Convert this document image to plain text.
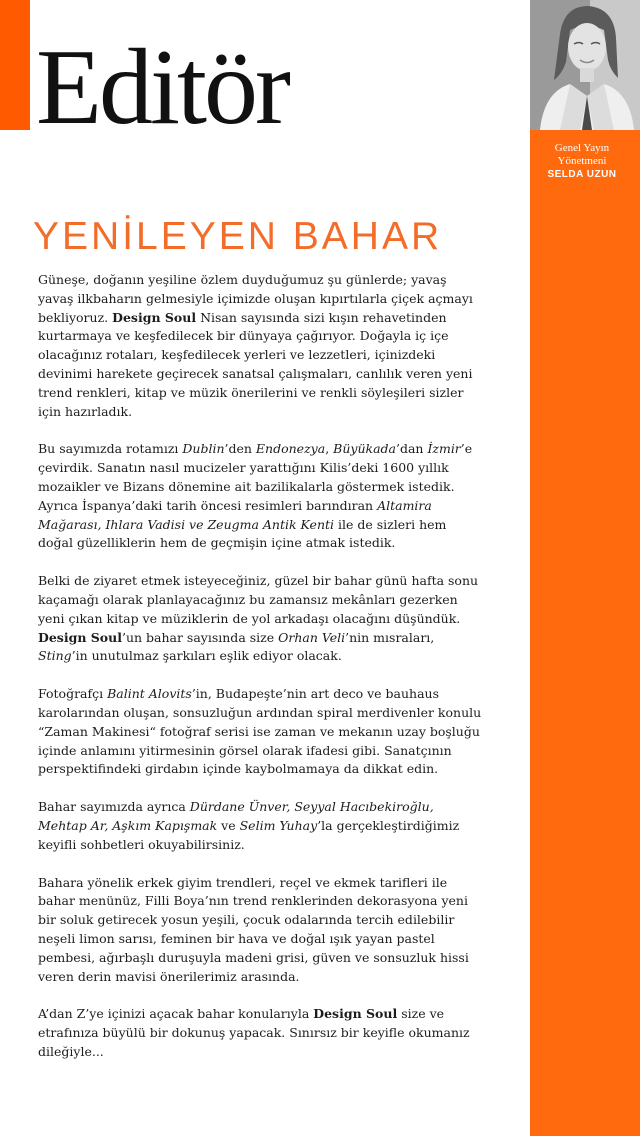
Editör

Genel Yayın Yönetmeni

SELDA UZUN

YENİLEYEN BAHAR

Güneşe, doğanın yeşiline özlem duyduğumuz şu günlerde; yavaş yavaş ilkbaharın gelmesiyle içimizde oluşan kıpırtılarla çiçek açmayı bekliyoruz. Design Soul Nisan sayısında sizi kışın rehavetinden kurtarmaya ve keşfedilecek bir dünyaya çağırıyor. Doğayla iç içe olacağınız rotaları, keşfedilecek yerleri ve lezzetleri, içinizdeki devinimi harekete geçirecek sanatsal çalışmaları, canlılık veren yeni trend renkleri, kitap ve müzik önerilerini ve renkli söyleşileri sizler için hazırladık.

Bu sayımızda rotamızı Dublin’den Endonezya, Büyükada’dan İzmir’e çevirdik. Sanatın nasıl mucizeler yarattığını Kilis’deki 1600 yıllık mozaikler ve Bizans dönemine ait bazilikalarla göstermek istedik. Ayrıca İspanya’daki tarih öncesi resimleri barındıran Altamira Mağarası, Ihlara Vadisi ve Zeugma Antik Kenti ile de sizleri hem doğal güzelliklerin hem de geçmişin içine atmak istedik.

Belki de ziyaret etmek isteyeceğiniz, güzel bir bahar günü hafta sonu kaçamağı olarak planlayacağınız bu zamansız mekânları gezerken yeni çıkan kitap ve müziklerin de yol arkadaşı olacağını düşündük. Design Soul’un bahar sayısında size Orhan Veli’nin mısraları, Sting’in unutulmaz şarkıları eşlik ediyor olacak.

Fotoğrafçı Balint Alovits’in, Budapeşte’nin art deco ve bauhaus karolarından oluşan, sonsuzluğun ardından spiral merdivenler konulu “Zaman Makinesi“ fotoğraf serisi ise zaman ve mekanın uzay boşluğu içinde anlamını yitirmesinin görsel olarak ifadesi gibi. Sanatçının perspektifindeki girdabın içinde kaybolmamaya da dikkat edin.

Bahar sayımızda ayrıca Dürdane Ünver, Seyyal Hacıbekiroğlu, Mehtap Ar, Aşkım Kapışmak ve Selim Yuhay’la gerçekleştirdiğimiz keyifli sohbetleri okuyabilirsiniz.

Bahara yönelik erkek giyim trendleri, reçel ve ekmek tarifleri ile bahar menünüz, Filli Boya’nın trend renklerinden dekorasyona yeni bir soluk getirecek yosun yeşili, çocuk odalarında tercih edilebilir neşeli limon sarısı, feminen bir hava ve doğal ışık yayan pastel pembesi, ağırbaşlı duruşuyla madeni grisi, güven ve sonsuzluk hissi veren derin mavisi önerilerimiz arasında.

A’dan Z’ye içinizi açacak bahar konularıyla Design Soul size ve etrafınıza büyülü bir dokunuş yapacak. Sınırsız bir keyifle okumanız dileğiyle...
